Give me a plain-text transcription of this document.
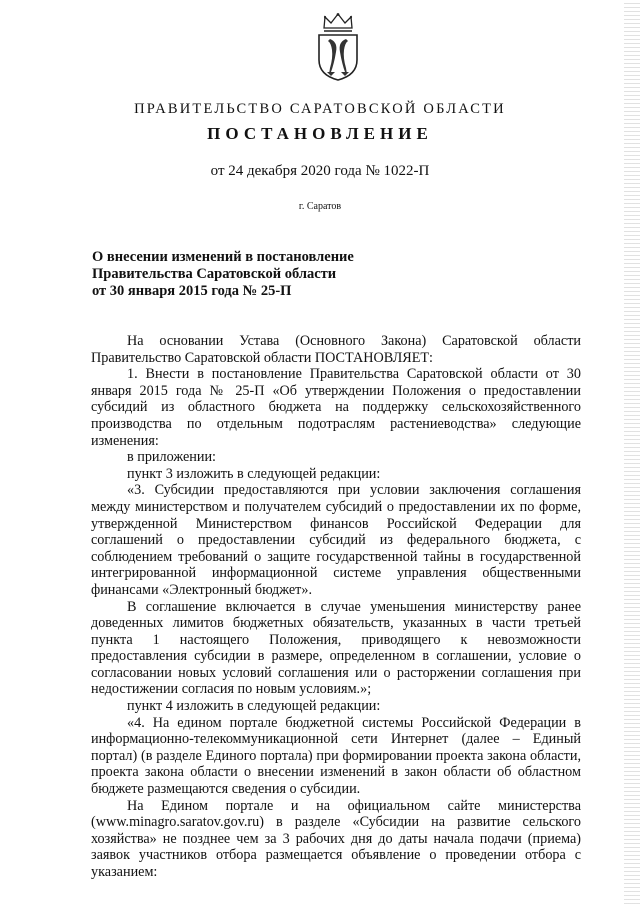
ПРАВИТЕЛЬСТВО САРАТОВСКОЙ ОБЛАСТИ
ПОСТАНОВЛЕНИЕ
от 24 декабря 2020 года № 1022-П
г. Саратов
О внесении изменений в постановление
Правительства Саратовской области
от 30 января 2015 года № 25-П

На основании Устава (Основного Закона) Саратовской области Правительство Саратовской области ПОСТАНОВЛЯЕТ:

1. Внести в постановление Правительства Саратовской области от 30 января 2015 года № 25-П «Об утверждении Положения о предоставлении субсидий из областного бюджета на поддержку сельскохозяйственного производства по отдельным подотраслям растениеводства» следующие изменения:

в приложении:

пункт 3 изложить в следующей редакции:

«3. Субсидии предоставляются при условии заключения соглашения между министерством и получателем субсидий о предоставлении их по форме, утвержденной Министерством финансов Российской Федерации для соглашений о предоставлении субсидий из федерального бюджета, с соблюдением требований о защите государственной тайны в государственной интегрированной информационной системе управления общественными финансами «Электронный бюджет».

В соглашение включается в случае уменьшения министерству ранее доведенных лимитов бюджетных обязательств, указанных в части третьей пункта 1 настоящего Положения, приводящего к невозможности предоставления субсидии в размере, определенном в соглашении, условие о согласовании новых условий соглашения или о расторжении соглашения при недостижении согласия по новым условиям.»;

пункт 4 изложить в следующей редакции:

«4. На едином портале бюджетной системы Российской Федерации в информационно-телекоммуникационной сети Интернет (далее – Единый портал) (в разделе Единого портала) при формировании проекта закона области, проекта закона области о внесении изменений в закон области об областном бюджете размещаются сведения о субсидии.

На Едином портале и на официальном сайте министерства (www.minagro.saratov.gov.ru) в разделе «Субсидии на развитие сельского хозяйства» не позднее чем за 3 рабочих дня до даты начала подачи (приема) заявок участников отбора размещается объявление о проведении отбора с указанием:
